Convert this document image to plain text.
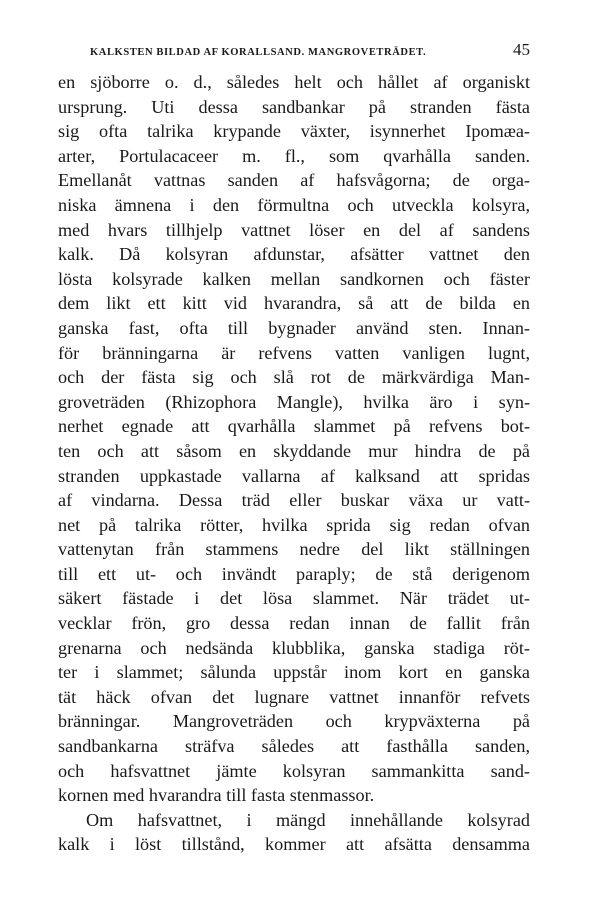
KALKSTEN BILDAD AF KORALLSAND. MANGROVETRÄDET.	45
en sjöborre o. d., således helt och hållet af organiskt
ursprung. Uti dessa sandbankar på stranden fästa
sig ofta talrika krypande växter, isynnerhet Ipomæa-
arter, Portulacaceer m. fl., som qvarhålla sanden.
Emellanåt vattnas sanden af hafsvågorna; de orga-
niska ämnena i den förmultna och utveckla kolsyra,
med hvars tillhjelp vattnet löser en del af sandens
kalk. Då kolsyran afdunstar, afsätter vattnet den
lösta kolsyrade kalken mellan sandkornen och fäster
dem likt ett kitt vid hvarandra, så att de bilda en
ganska fast, ofta till bygnader använd sten. Innan-
för bränningarna är refvens vatten vanligen lugnt,
och der fästa sig och slå rot de märkvärdiga Man-
groveträden (Rhizophora Mangle), hvilka äro i syn-
nerhet egnade att qvarhålla slammet på refvens bot-
ten och att såsom en skyddande mur hindra de på
stranden uppkastade vallarna af kalksand att spridas
af vindarna. Dessa träd eller buskar växa ur vatt-
net på talrika rötter, hvilka sprida sig redan ofvan
vattenytan från stammens nedre del likt ställningen
till ett ut- och invändt paraply; de stå derigenom
säkert fästade i det lösa slammet. När trädet ut-
vecklar frön, gro dessa redan innan de fallit från
grenarna och nedsända klubblika, ganska stadiga röt-
ter i slammet; sålunda uppstår inom kort en ganska
tät häck ofvan det lugnare vattnet innanför refvets
bränningar. Mangroveträden och krypväxterna på
sandbankarna sträfva således att fasthålla sanden,
och hafsvattnet jämte kolsyran sammankitta sand-
kornen med hvarandra till fasta stenmassor.
Om hafsvattnet, i mängd innehållande kolsyrad
kalk i löst tillstånd, kommer att afsätta densamma
